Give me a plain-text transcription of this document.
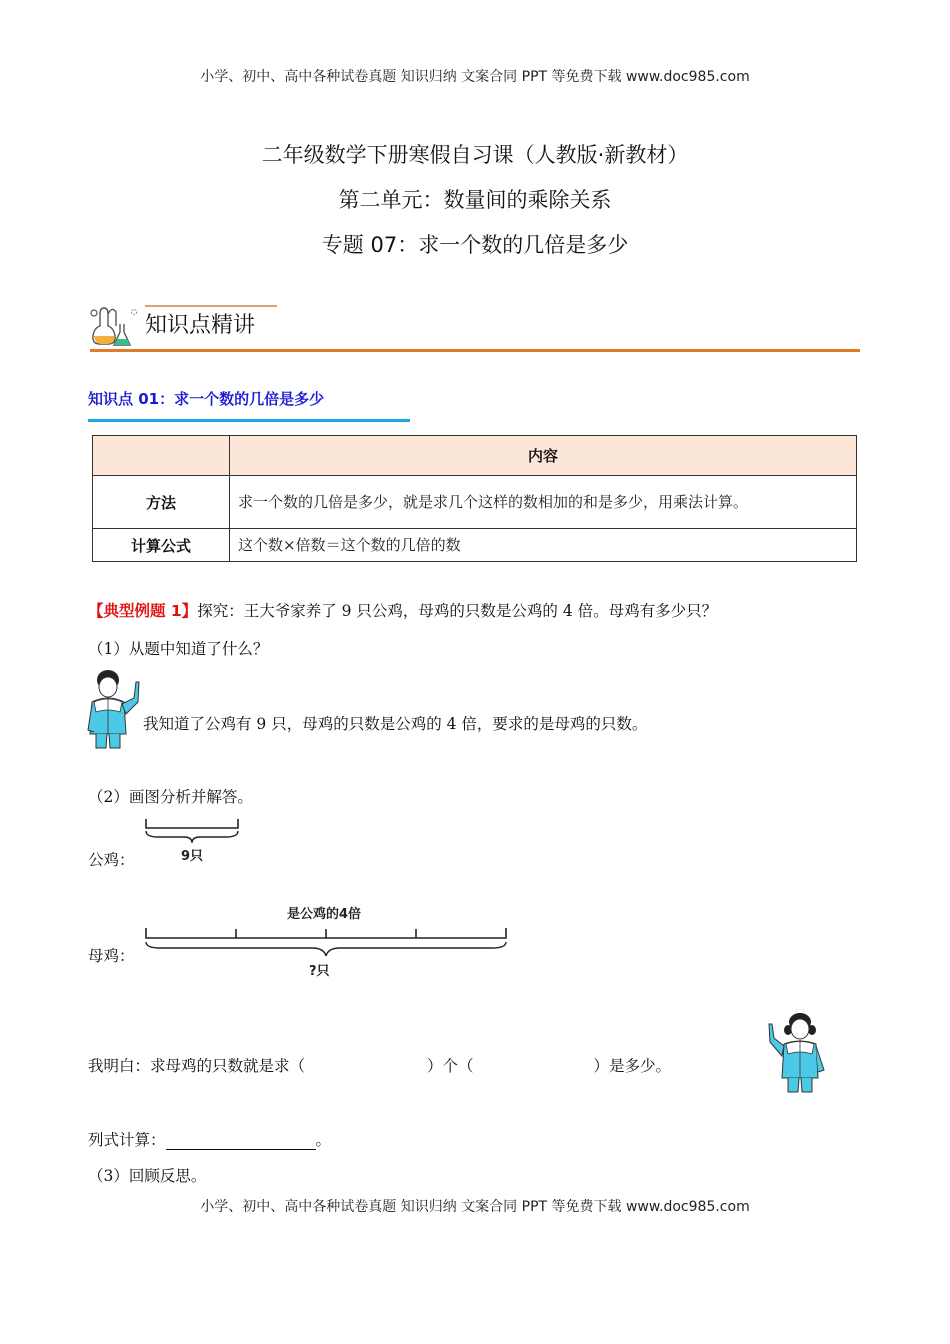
小学、初中、高中各种试卷真题 知识归纳 文案合同 PPT 等免费下载 www.doc985.com
二年级数学下册寒假自习课（人教版·新教材）
第二单元：数量间的乘除关系
专题 07：求一个数的几倍是多少
知识点精讲
知识点 01：求一个数的几倍是多少
	内容
方法	求一个数的几倍是多少，就是求几个这样的数相加的和是多少，用乘法计算。
计算公式	这个数×倍数＝这个数的几倍的数
【典型例题 1】探究：王大爷家养了 9 只公鸡，母鸡的只数是公鸡的 4 倍。母鸡有多少只？
（1）从题中知道了什么？
我知道了公鸡有 9 只，母鸡的只数是公鸡的 4 倍，要求的是母鸡的只数。
（2）画图分析并解答。
公鸡：	9只
是公鸡的4倍
母鸡：
?只
我明白：求母鸡的只数就是求（	）个（	）是多少。
列式计算：	。
（3）回顾反思。
小学、初中、高中各种试卷真题 知识归纳 文案合同 PPT 等免费下载 www.doc985.com
